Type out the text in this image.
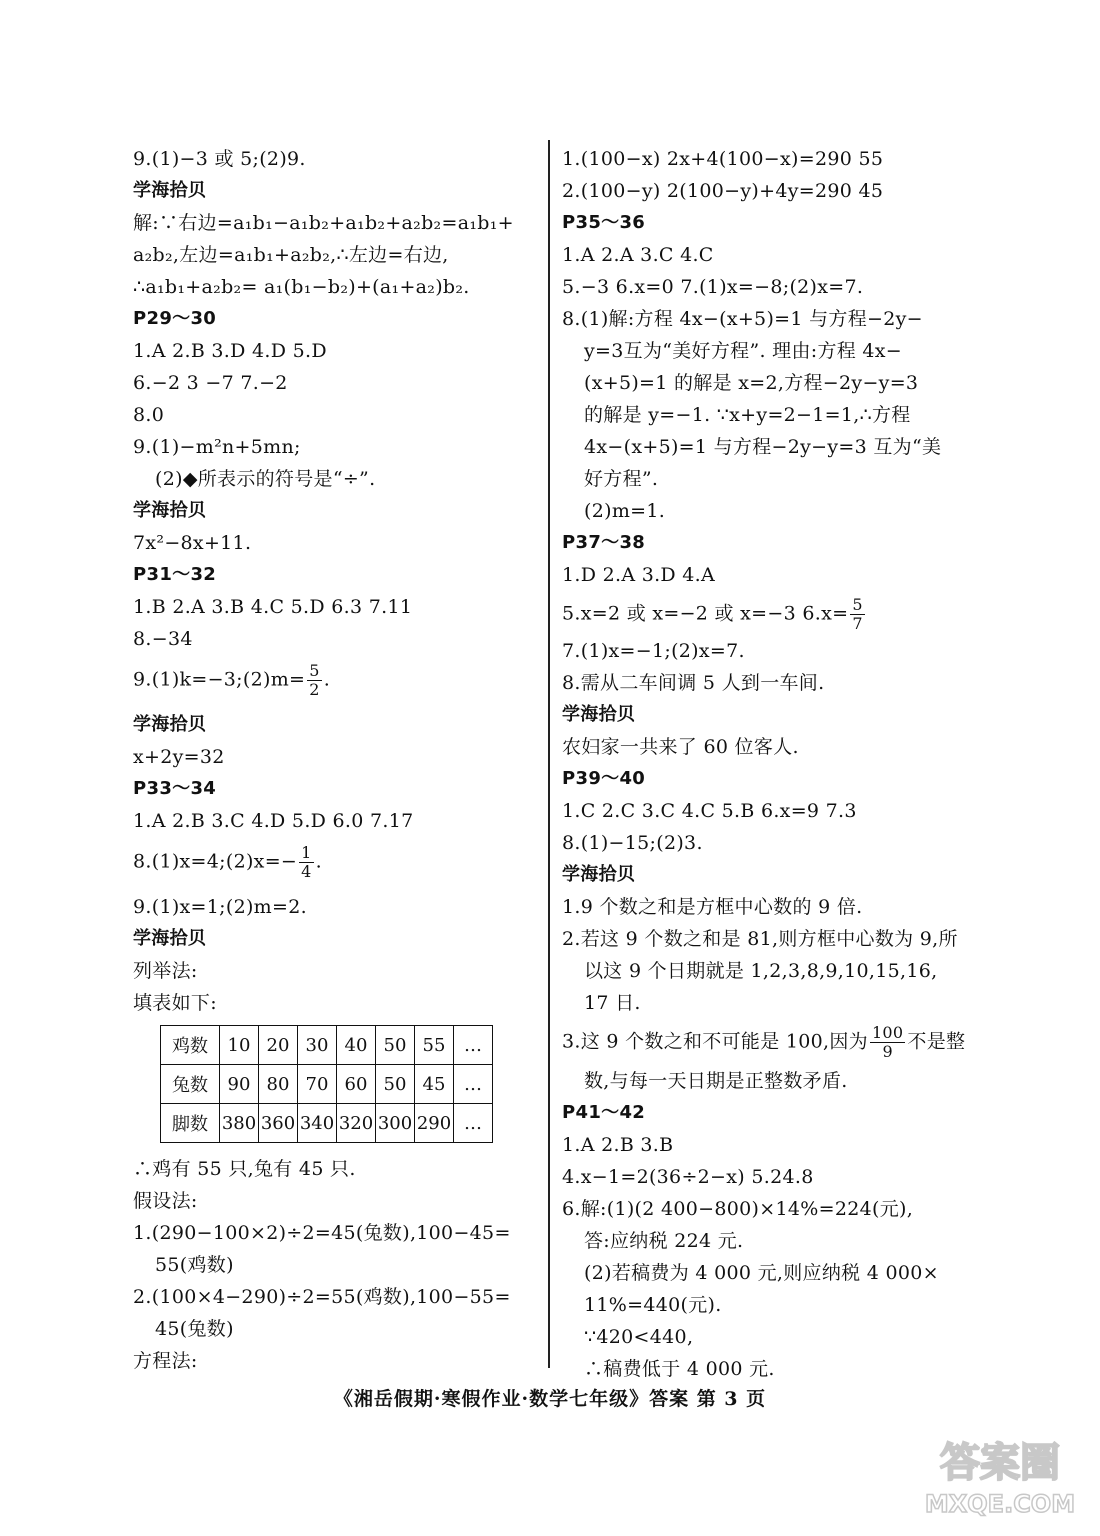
9.(1)−3 或 5;(2)9.
学海拾贝
解:∵右边=a₁b₁−a₁b₂+a₁b₂+a₂b₂=a₁b₁+
a₂b₂,左边=a₁b₁+a₂b₂,∴左边=右边,
∴a₁b₁+a₂b₂= a₁(b₁−b₂)+(a₁+a₂)b₂.
P29～30
1.A 2.B 3.D 4.D 5.D
6.−2 3 −7 7.−2
8.0
9.(1)−m²n+5mn;
(2)◆所表示的符号是“÷”.
学海拾贝
7x²−8x+11.
P31～32
1.B 2.A 3.B 4.C 5.D 6.3 7.11
8.−34
9.(1)k=−3;(2)m= $\frac{5}{2}$ .
学海拾贝
x+2y=32
P33～34
1.A 2.B 3.C 4.D 5.D 6.0 7.17
8.(1)x=4;(2)x=− $\frac{1}{4}$ .
9.(1)x=1;(2)m=2.
学海拾贝
列举法:
填表如下:
鸡数	10	20	30	40	50	55	…
兔数	90	80	70	60	50	45	…
脚数	380	360	340	320	300	290	…
∴鸡有 55 只,兔有 45 只.
假设法:
1.(290−100×2)÷2=45(兔数),100−45=
55(鸡数)
2.(100×4−290)÷2=55(鸡数),100−55=
45(兔数)
方程法:
1.(100−x) 2x+4(100−x)=290 55
2.(100−y) 2(100−y)+4y=290 45
P35～36
1.A 2.A 3.C 4.C
5.−3 6.x=0 7.(1)x=−8;(2)x=7.
8.(1)解:方程 4x−(x+5)=1 与方程−2y−
y=3互为“美好方程”. 理由:方程 4x−
(x+5)=1 的解是 x=2,方程−2y−y=3
的解是 y=−1. ∵x+y=2−1=1,∴方程
4x−(x+5)=1 与方程−2y−y=3 互为“美
好方程”.
(2)m=1.
P37～38
1.D 2.A 3.D 4.A
5.x=2 或 x=−2 或 x=−3 $6.x= \frac{5}{7}$
7.(1)x=−1;(2)x=7.
8.需从二车间调 5 人到一车间.
学海拾贝
农妇家一共来了 60 位客人.
P39～40
1.C 2.C 3.C 4.C 5.B 6.x=9 7.3
8.(1)−15;(2)3.
学海拾贝
1.9 个数之和是方框中心数的 9 倍.
2.若这 9 个数之和是 81,则方框中心数为 9,所
以这 9 个日期就是 1,2,3,8,9,10,15,16,
17 日.
3.这 9 个数之和不可能是 100,因为 $\frac{100}{9}$ 不是整
数,与每一天日期是正整数矛盾.
P41～42
1.A 2.B 3.B
4.x−1=2(36÷2−x) 5.24.8
6.解:(1)(2 400−800)×14%=224(元),
答:应纳税 224 元.
(2)若稿费为 4 000 元,则应纳税 4 000×
11%=440(元).
∵420<440,
∴稿费低于 4 000 元.
《湘岳假期·寒假作业·数学七年级》答案 第 3 页
答案圈
MXQE.COM
